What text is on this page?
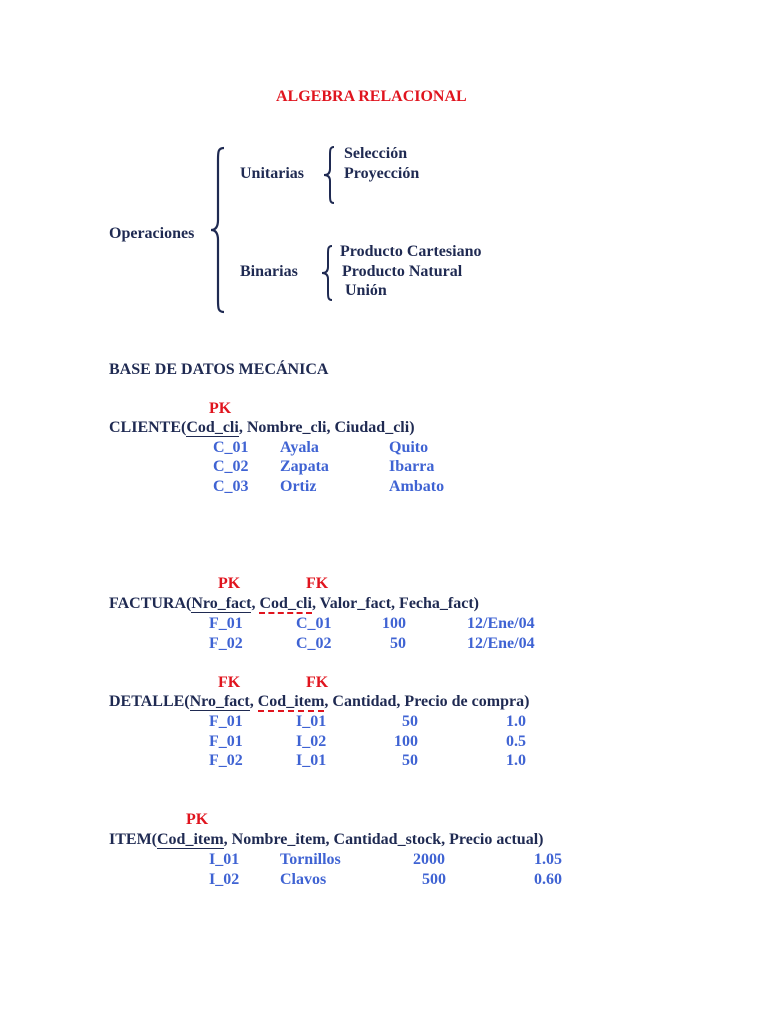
ALGEBRA RELACIONAL
Operaciones
Unitarias
Selección
Proyección
Binarias
Producto Cartesiano
Producto Natural
Unión
BASE DE DATOS MECÁNICA
PK
CLIENTE(Cod_cli, Nombre_cli, Ciudad_cli)
C_01 Ayala	Quito
C_02 Zapata	Ibarra
C_03 Ortiz	Ambato
PK	FK
FACTURA(Nro_fact, Cod_cli, Valor_fact, Fecha_fact)
F_01	C_01	100	12/Ene/04
F_02	C_02	50	12/Ene/04
FK	FK
DETALLE(Nro_fact, Cod_item, Cantidad, Precio de compra)
F_01	I_01	50	1.0
F_01	I_02	100	0.5
F_02	I_01	50	1.0
PK
ITEM(Cod_item, Nombre_item, Cantidad_stock, Precio actual)
I_01	Tornillos	2000	1.05
I_02	Clavos	500	0.60
